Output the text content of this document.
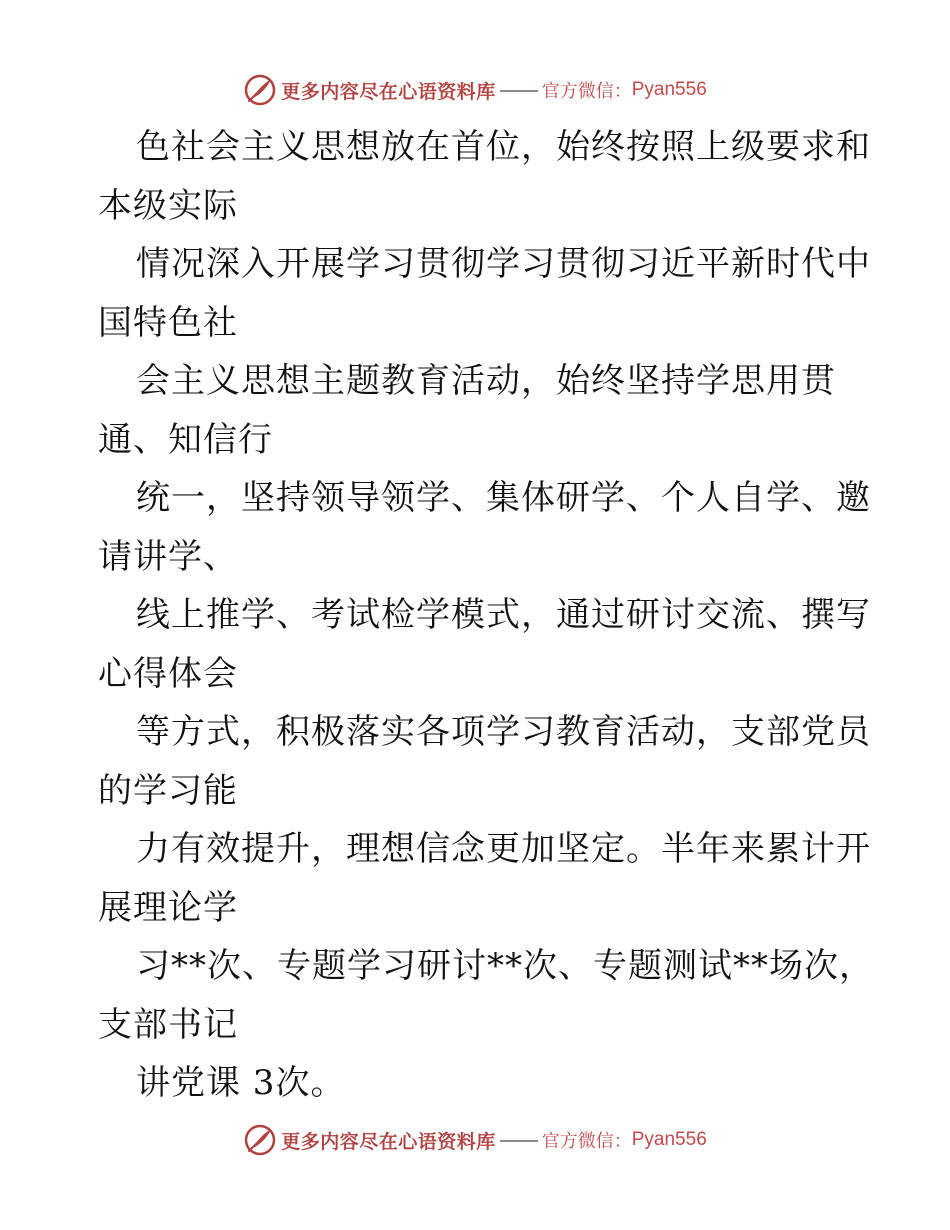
更多内容尽在心语资料库	官方微信： Pyan556
色社会主义思想放在首位，始终按照上级要求和
本级实际
情况深入开展学习贯彻学习贯彻习近平新时代中
国特色社
会主义思想主题教育活动，始终坚持学思用贯
通、知信行
统一，坚持领导领学、集体研学、个人自学、邀
请讲学、
线上推学、考试检学模式，通过研讨交流、撰写
心得体会
等方式，积极落实各项学习教育活动，支部党员
的学习能
力有效提升，理想信念更加坚定。半年来累计开
展理论学
习**次、专题学习研讨**次、专题测试**场次，
支部书记
讲党课 3次。
更多内容尽在心语资料库	官方微信： Pyan556
